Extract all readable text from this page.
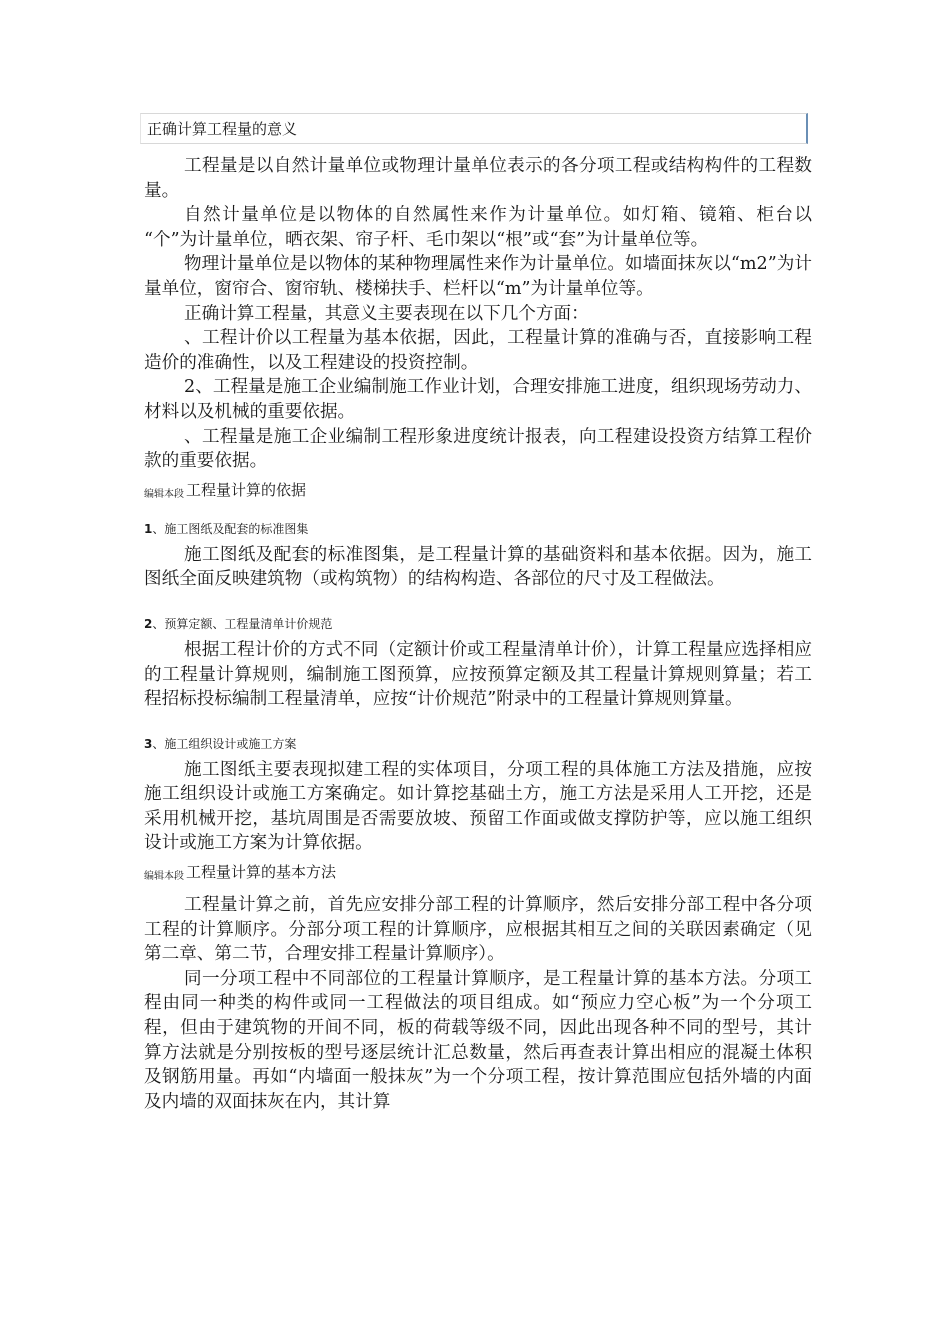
正确计算工程量的意义

工程量是以自然计量单位或物理计量单位表示的各分项工程或结构构件的工程数量。

自然计量单位是以物体的自然属性来作为计量单位。如灯箱、镜箱、柜台以 “个”为计量单位，晒衣架、帘子杆、毛巾架以“根”或“套”为计量单位等。

物理计量单位是以物体的某种物理属性来作为计量单位。如墙面抹灰以“m2”为计量单位，窗帘合、窗帘轨、楼梯扶手、栏杆以“m”为计量单位等。

正确计算工程量，其意义主要表现在以下几个方面：

、工程计价以工程量为基本依据，因此，工程量计算的准确与否，直接影响工程造价的准确性，以及工程建设的投资控制。

2、工程量是施工企业编制施工作业计划，合理安排施工进度，组织现场劳动力、材料以及机械的重要依据。

、工程量是施工企业编制工程形象进度统计报表，向工程建设投资方结算工程价款的重要依据。

编辑本段 工程量计算的依据
1、施工图纸及配套的标准图集

施工图纸及配套的标准图集，是工程量计算的基础资料和基本依据。因为，施工图纸全面反映建筑物（或构筑物）的结构构造、各部位的尺寸及工程做法。

2、预算定额、工程量清单计价规范

根据工程计价的方式不同（定额计价或工程量清单计价），计算工程量应选择相应的工程量计算规则，编制施工图预算，应按预算定额及其工程量计算规则算量；若工程招标投标编制工程量清单，应按“计价规范”附录中的工程量计算规则算量。

3、施工组织设计或施工方案

施工图纸主要表现拟建工程的实体项目，分项工程的具体施工方法及措施，应按施工组织设计或施工方案确定。如计算挖基础土方，施工方法是采用人工开挖，还是采用机械开挖，基坑周围是否需要放坡、预留工作面或做支撑防护等，应以施工组织设计或施工方案为计算依据。

编辑本段 工程量计算的基本方法

工程量计算之前，首先应安排分部工程的计算顺序，然后安排分部工程中各分项工程的计算顺序。分部分项工程的计算顺序，应根据其相互之间的关联因素确定（见第二章、第二节，合理安排工程量计算顺序）。

同一分项工程中不同部位的工程量计算顺序，是工程量计算的基本方法。分项工程由同一种类的构件或同一工程做法的项目组成。如“预应力空心板”为一个分项工程，但由于建筑物的开间不同，板的荷载等级不同，因此出现各种不同的型号，其计算方法就是分别按板的型号逐层统计汇总数量，然后再查表计算出相应的混凝土体积及钢筋用量。再如“内墙面一般抹灰”为一个分项工程，按计算范围应包括外墙的内面及内墙的双面抹灰在内，其计算
